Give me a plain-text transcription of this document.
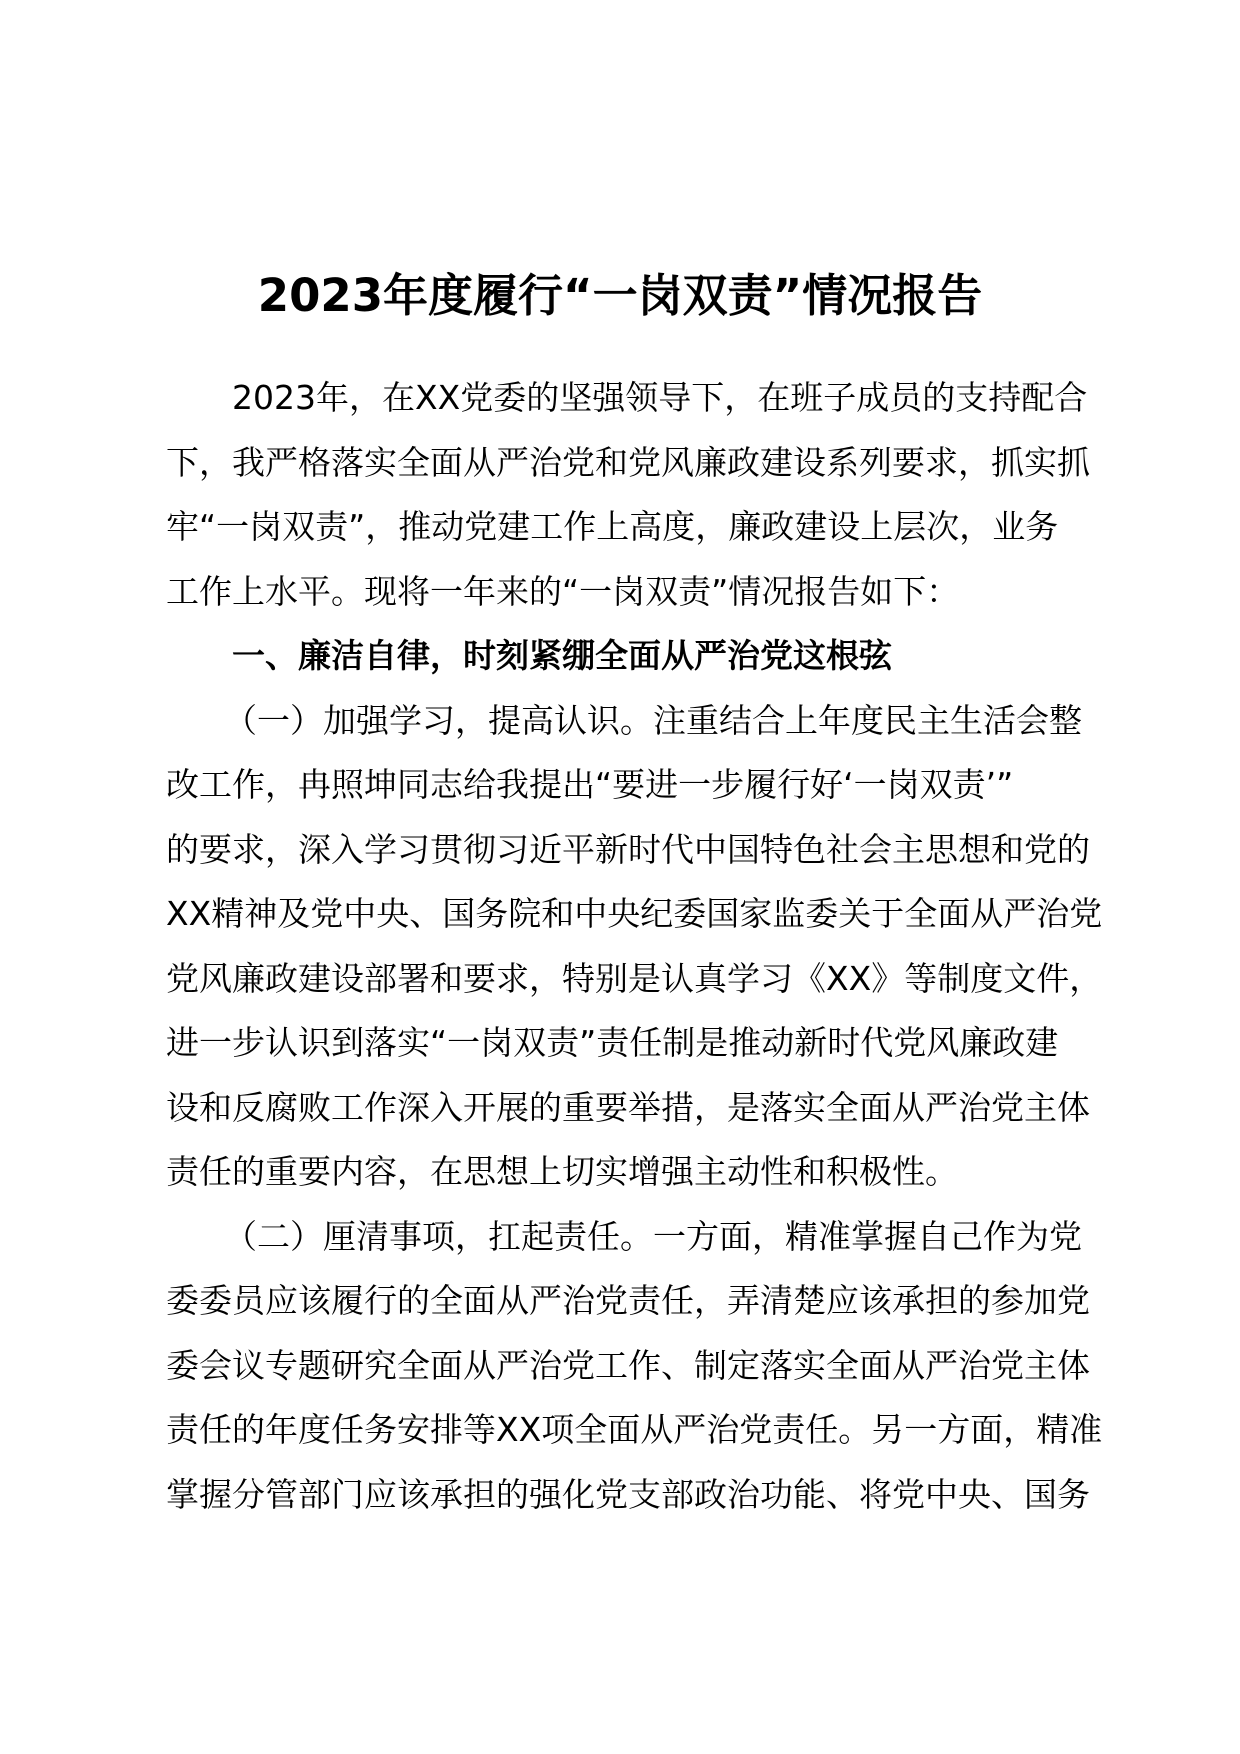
2023年度履行“一岗双责”情况报告
2023年，在XX党委的坚强领导下，在班子成员的支持配合
下，我严格落实全面从严治党和党风廉政建设系列要求，抓实抓
牢“一岗双责”，推动党建工作上高度，廉政建设上层次，业务
工作上水平。现将一年来的“一岗双责”情况报告如下：
一、廉洁自律，时刻紧绷全面从严治党这根弦
（一）加强学习，提高认识。注重结合上年度民主生活会整
改工作，冉照坤同志给我提出“要进一步履行好‘一岗双责’”
的要求，深入学习贯彻习近平新时代中国特色社会主思想和党的
XX精神及党中央、国务院和中央纪委国家监委关于全面从严治党
党风廉政建设部署和要求，特别是认真学习《XX》等制度文件，
进一步认识到落实“一岗双责”责任制是推动新时代党风廉政建
设和反腐败工作深入开展的重要举措，是落实全面从严治党主体
责任的重要内容，在思想上切实增强主动性和积极性。
（二）厘清事项，扛起责任。一方面，精准掌握自己作为党
委委员应该履行的全面从严治党责任，弄清楚应该承担的参加党
委会议专题研究全面从严治党工作、制定落实全面从严治党主体
责任的年度任务安排等XX项全面从严治党责任。另一方面，精准
掌握分管部门应该承担的强化党支部政治功能、将党中央、国务
